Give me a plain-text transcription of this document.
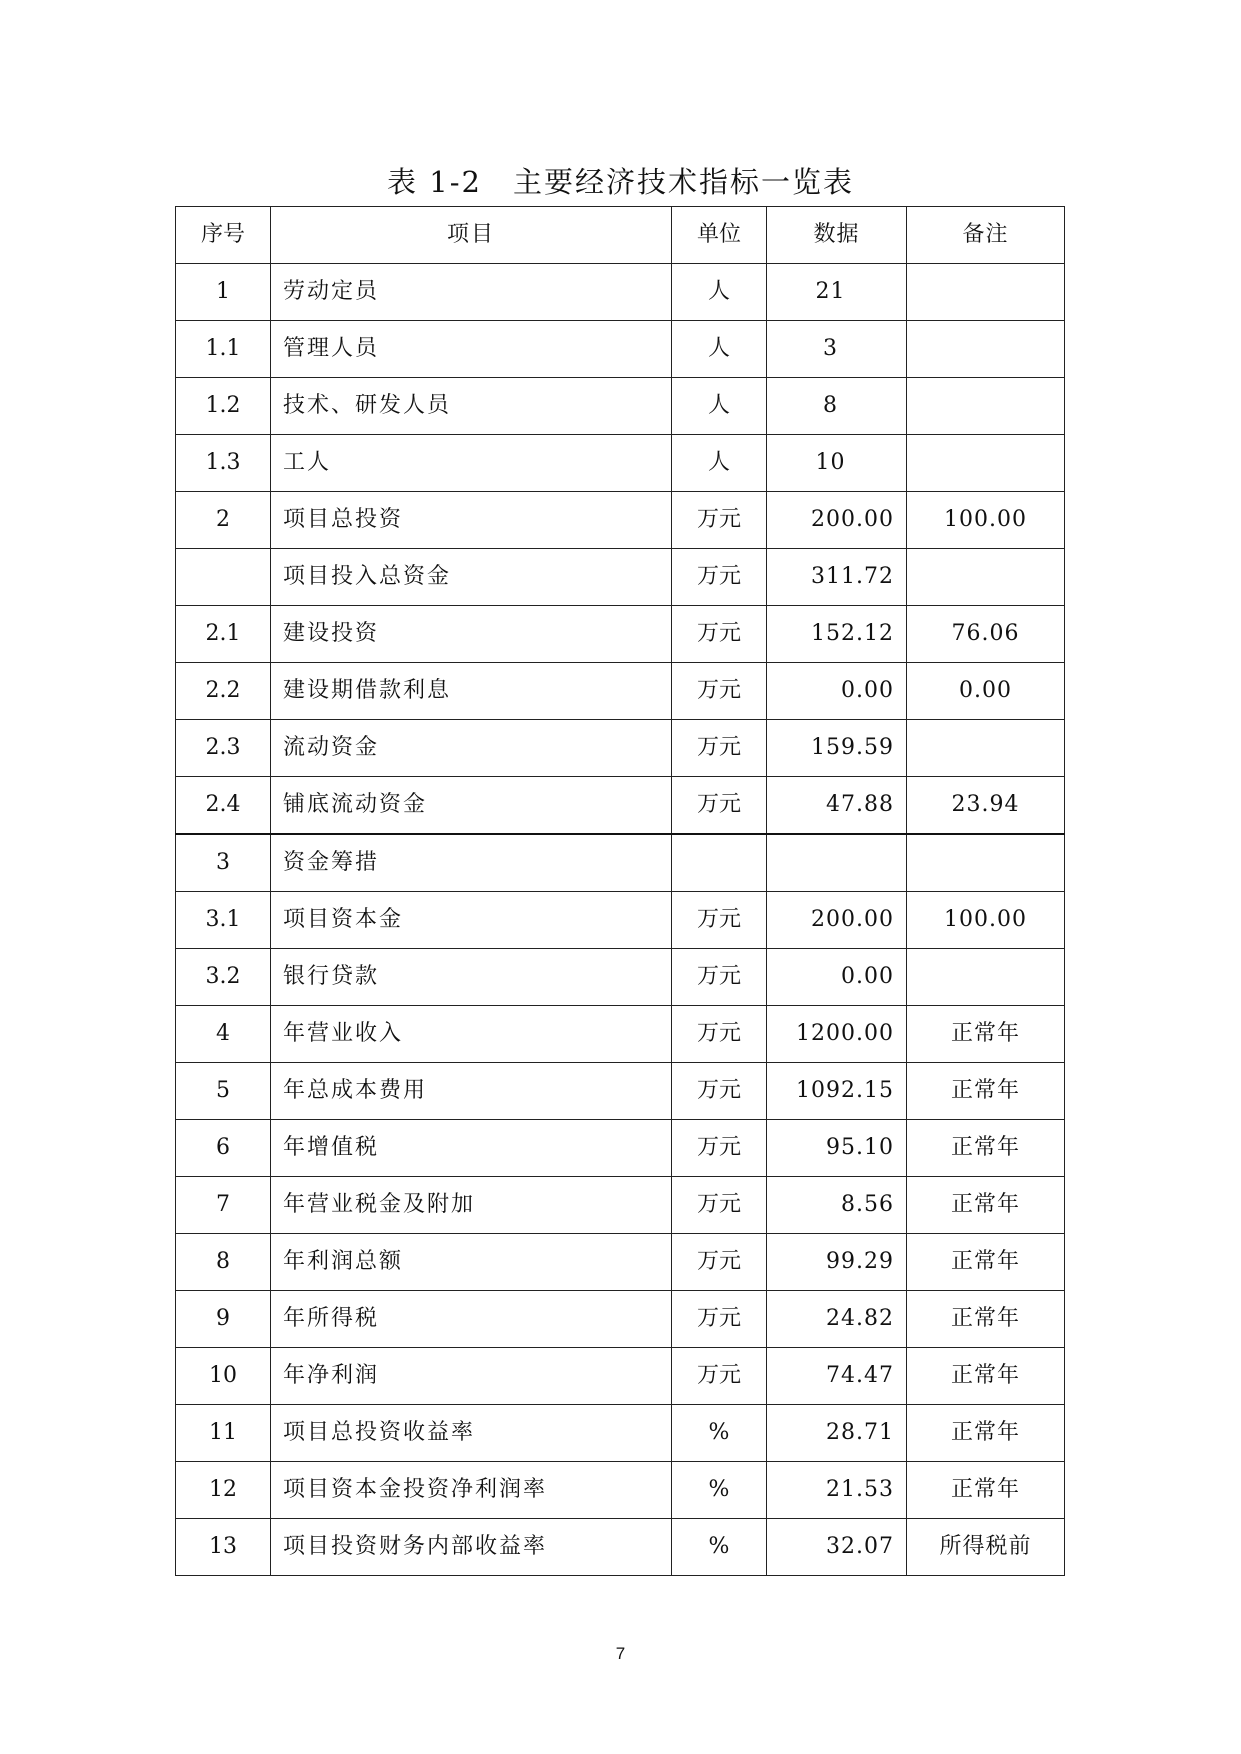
表 1-2　主要经济技术指标一览表
序号	项目	单位	数据	备注
1	劳动定员	人	21	
1.1	管理人员	人	3	
1.2	技术、研发人员	人	8	
1.3	工人	人	10	
2	项目总投资	万元	200.00	100.00
	项目投入总资金	万元	311.72	
2.1	建设投资	万元	152.12	76.06
2.2	建设期借款利息	万元	0.00	0.00
2.3	流动资金	万元	159.59	
2.4	铺底流动资金	万元	47.88	23.94
3	资金筹措			
3.1	项目资本金	万元	200.00	100.00
3.2	银行贷款	万元	0.00	
4	年营业收入	万元	1200.00	正常年
5	年总成本费用	万元	1092.15	正常年
6	年增值税	万元	95.10	正常年
7	年营业税金及附加	万元	8.56	正常年
8	年利润总额	万元	99.29	正常年
9	年所得税	万元	24.82	正常年
10	年净利润	万元	74.47	正常年
11	项目总投资收益率	%	28.71	正常年
12	项目资本金投资净利润率	%	21.53	正常年
13	项目投资财务内部收益率	%	32.07	所得税前
7
